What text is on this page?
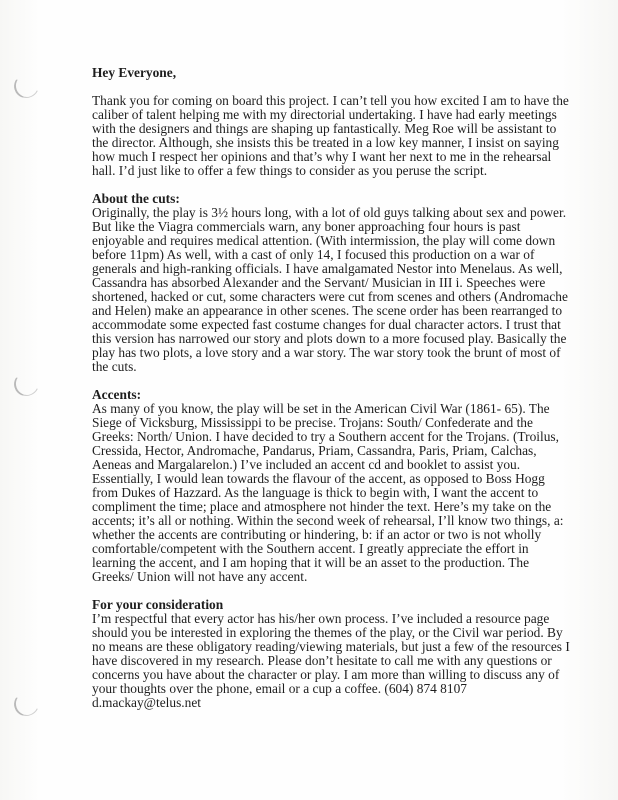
Hey Everyone,
Thank you for coming on board this project. I can’t tell you how excited I am to have the
caliber of talent helping me with my directorial undertaking. I have had early meetings
with the designers and things are shaping up fantastically. Meg Roe will be assistant to
the director. Although, she insists this be treated in a low key manner, I insist on saying
how much I respect her opinions and that’s why I want her next to me in the rehearsal
hall. I’d just like to offer a few things to consider as you peruse the script.
About the cuts:
Originally, the play is 3½ hours long, with a lot of old guys talking about sex and power.
But like the Viagra commercials warn, any boner approaching four hours is past
enjoyable and requires medical attention. (With intermission, the play will come down
before 11pm) As well, with a cast of only 14, I focused this production on a war of
generals and high-ranking officials. I have amalgamated Nestor into Menelaus. As well,
Cassandra has absorbed Alexander and the Servant/ Musician in III i. Speeches were
shortened, hacked or cut, some characters were cut from scenes and others (Andromache
and Helen) make an appearance in other scenes. The scene order has been rearranged to
accommodate some expected fast costume changes for dual character actors. I trust that
this version has narrowed our story and plots down to a more focused play. Basically the
play has two plots, a love story and a war story. The war story took the brunt of most of
the cuts.
Accents:
As many of you know, the play will be set in the American Civil War (1861- 65). The
Siege of Vicksburg, Mississippi to be precise. Trojans: South/ Confederate and the
Greeks: North/ Union. I have decided to try a Southern accent for the Trojans. (Troilus,
Cressida, Hector, Andromache, Pandarus, Priam, Cassandra, Paris, Priam, Calchas,
Aeneas and Margalarelon.) I’ve included an accent cd and booklet to assist you.
Essentially, I would lean towards the flavour of the accent, as opposed to Boss Hogg
from Dukes of Hazzard. As the language is thick to begin with, I want the accent to
compliment the time; place and atmosphere not hinder the text. Here’s my take on the
accents; it’s all or nothing. Within the second week of rehearsal, I’ll know two things, a:
whether the accents are contributing or hindering, b: if an actor or two is not wholly
comfortable/competent with the Southern accent. I greatly appreciate the effort in
learning the accent, and I am hoping that it will be an asset to the production. The
Greeks/ Union will not have any accent.
For your consideration
I’m respectful that every actor has his/her own process. I’ve included a resource page
should you be interested in exploring the themes of the play, or the Civil war period. By
no means are these obligatory reading/viewing materials, but just a few of the resources I
have discovered in my research. Please don’t hesitate to call me with any questions or
concerns you have about the character or play. I am more than willing to discuss any of
your thoughts over the phone, email or a cup a coffee. (604) 874 8107
d.mackay@telus.net
